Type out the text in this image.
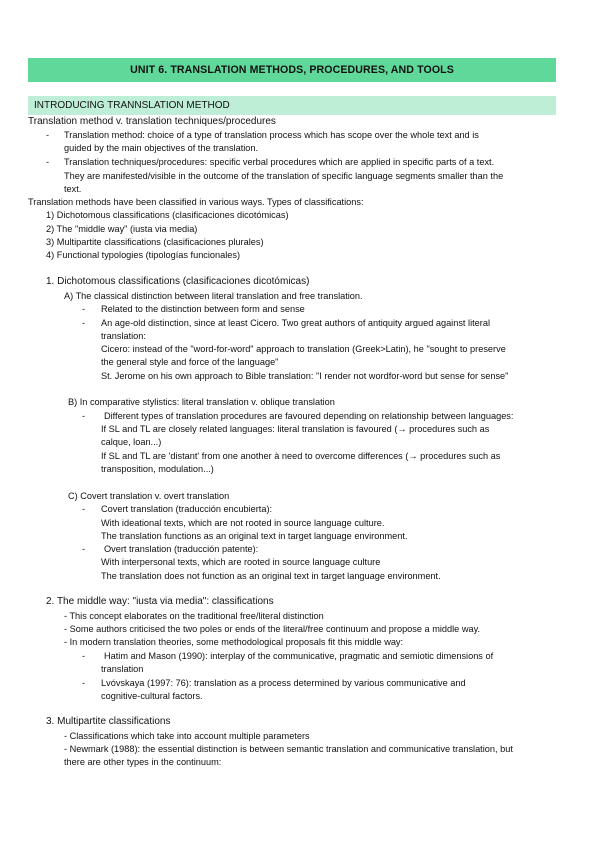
UNIT 6. TRANSLATION METHODS, PROCEDURES, AND TOOLS
INTRODUCING TRANNSLATION METHOD
Translation method v. translation techniques/procedures
- Translation method: choice of a type of translation process which has scope over the whole text and is
guided by the main objectives of the translation.
- Translation techniques/procedures: specific verbal procedures which are applied in specific parts of a text.
They are manifested/visible in the outcome of the translation of specific language segments smaller than the
text.
Translation methods have been classified in various ways. Types of classifications:
1) Dichotomous classifications (clasificaciones dicotómicas)
2) The "middle way" (iusta via media)
3) Multipartite classifications (clasificaciones plurales)
4) Functional typologies (tipologías funcionales)
1. Dichotomous classifications (clasificaciones dicotómicas)
A) The classical distinction between literal translation and free translation.
- Related to the distinction between form and sense
- An age-old distinction, since at least Cicero. Two great authors of antiquity argued against literal
translation:
Cicero: instead of the "word-for-word" approach to translation (Greek>Latin), he "sought to preserve
the general style and force of the language"
St. Jerome on his own approach to Bible translation: "I render not wordfor-word but sense for sense"
B) In comparative stylistics: literal translation v. oblique translation
- Different types of translation procedures are favoured depending on relationship between languages:
If SL and TL are closely related languages: literal translation is favoured (→ procedures such as
calque, loan...)
If SL and TL are 'distant' from one another à need to overcome differences (→ procedures such as
transposition, modulation...)
C) Covert translation v. overt translation
- Covert translation (traducción encubierta):
With ideational texts, which are not rooted in source language culture.
The translation functions as an original text in target language environment.
- Overt translation (traducción patente):
With interpersonal texts, which are rooted in source language culture
The translation does not function as an original text in target language environment.
2. The middle way: "iusta via media": classifications
- This concept elaborates on the traditional free/literal distinction
- Some authors criticised the two poles or ends of the literal/free continuum and propose a middle way.
- In modern translation theories, some methodological proposals fit this middle way:
- Hatim and Mason (1990): interplay of the communicative, pragmatic and semiotic dimensions of
translation
- Lvóvskaya (1997: 76): translation as a process determined by various communicative and
cognitive-cultural factors.
3. Multipartite classifications
- Classifications which take into account multiple parameters
- Newmark (1988): the essential distinction is between semantic translation and communicative translation, but
there are other types in the continuum:
